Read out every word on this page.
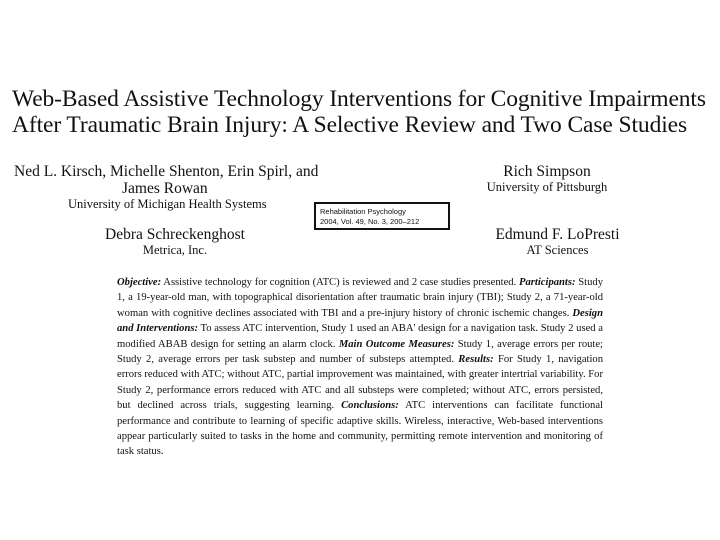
Web-Based Assistive Technology Interventions for Cognitive Impairments
After Traumatic Brain Injury: A Selective Review and Two Case Studies
Ned L. Kirsch, Michelle Shenton, Erin Spirl, and
James Rowan
University of Michigan Health Systems
Rich Simpson
University of Pittsburgh
Rehabilitation Psychology
2004, Vol. 49, No. 3, 200–212
Debra Schreckenghost
Metrica, Inc.
Edmund F. LoPresti
AT Sciences
Objective: Assistive technology for cognition (ATC) is reviewed and 2 case studies presented. Participants: Study 1, a 19-year-old man, with topographical disorientation after traumatic brain injury (TBI); Study 2, a 71-year-old woman with cognitive declines associated with TBI and a pre-injury history of chronic ischemic changes. Design and Interventions: To assess ATC intervention, Study 1 used an ABA' design for a navigation task. Study 2 used a modified ABAB design for setting an alarm clock. Main Outcome Measures: Study 1, average errors per route; Study 2, average errors per task substep and number of substeps attempted. Results: For Study 1, navigation errors reduced with ATC; without ATC, partial improvement was maintained, with greater intertrial variability. For Study 2, performance errors reduced with ATC and all substeps were completed; without ATC, errors persisted, but declined across trials, suggesting learning. Conclusions: ATC interventions can facilitate functional performance and contribute to learning of specific adaptive skills. Wireless, interactive, Web-based interventions appear particularly suited to tasks in the home and community, permitting remote intervention and monitoring of task status.
